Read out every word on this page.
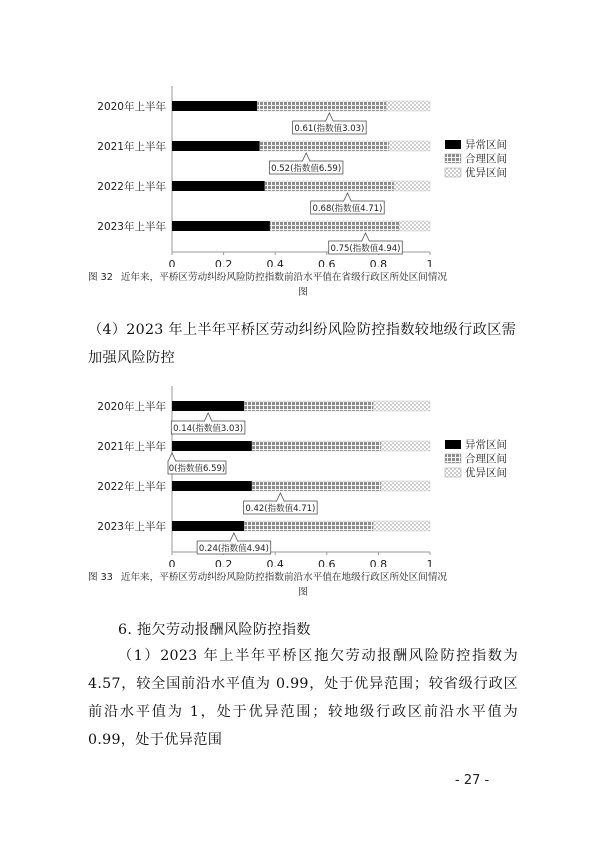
0	0.2	0.4	0.6	0.8	1
2020年上半年
2021年上半年
2022年上半年
2023年上半年
0.61(指数值3.03)
0.52(指数值6.59)
0.68(指数值4.71)
0.75(指数值4.94)
异常区间
合理区间
优异区间
图 32 近年来，平桥区劳动纠纷风险防控指数前沿水平值在省级行政区所处区间情况
图
（4）2023 年上半年平桥区劳动纠纷风险防控指数较地级行政区需加强风险防控
0	0.2	0.4	0.6	0.8	1
2020年上半年
2021年上半年
2022年上半年
2023年上半年
0.14(指数值3.03)
0(指数值6.59)
0.42(指数值4.71)
0.24(指数值4.94)
异常区间
合理区间
优异区间
图 33 近年来，平桥区劳动纠纷风险防控指数前沿水平值在地级行政区所处区间情况
图
6. 拖欠劳动报酬风险防控指数
（1）2023 年上半年平桥区拖欠劳动报酬风险防控指数为 4.57，较全国前沿水平值为 0.99，处于优异范围；较省级行政区前沿水平值为 1，处于优异范围；较地级行政区前沿水平值为 0.99，处于优异范围
- 27 -
